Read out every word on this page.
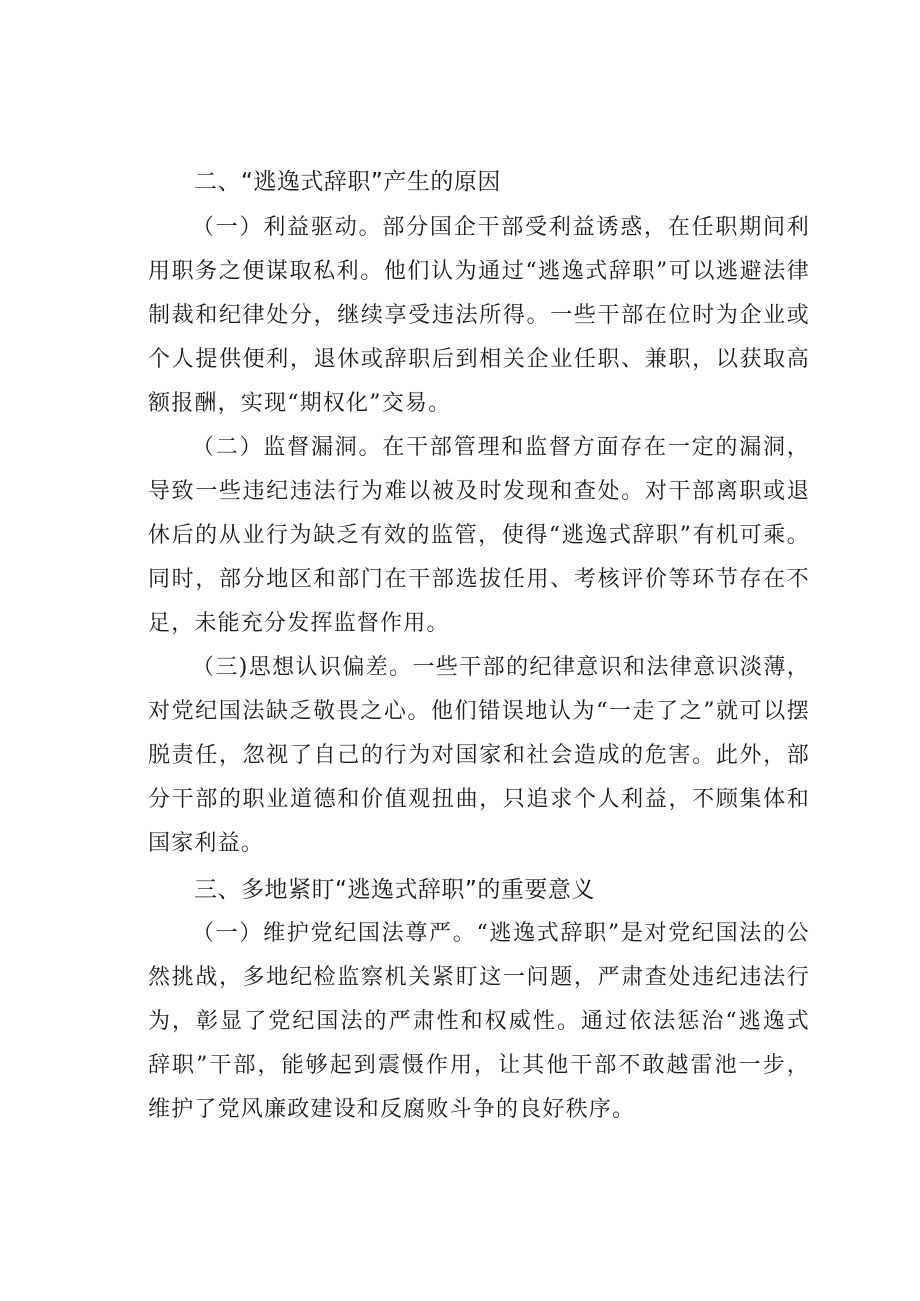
二、“逃逸式辞职”产生的原因

（一）利益驱动。部分国企干部受利益诱惑，在任职期间利用职务之便谋取私利。他们认为通过“逃逸式辞职”可以逃避法律制裁和纪律处分，继续享受违法所得。一些干部在位时为企业或个人提供便利，退休或辞职后到相关企业任职、兼职，以获取高额报酬，实现“期权化”交易。

（二）监督漏洞。在干部管理和监督方面存在一定的漏洞，导致一些违纪违法行为难以被及时发现和查处。对干部离职或退休后的从业行为缺乏有效的监管，使得“逃逸式辞职”有机可乘。同时，部分地区和部门在干部选拔任用、考核评价等环节存在不足，未能充分发挥监督作用。

（三)思想认识偏差。一些干部的纪律意识和法律意识淡薄，对党纪国法缺乏敬畏之心。他们错误地认为“一走了之”就可以摆脱责任，忽视了自己的行为对国家和社会造成的危害。此外，部分干部的职业道德和价值观扭曲，只追求个人利益，不顾集体和国家利益。

三、多地紧盯“逃逸式辞职”的重要意义

（一）维护党纪国法尊严。“逃逸式辞职”是对党纪国法的公然挑战，多地纪检监察机关紧盯这一问题，严肃查处违纪违法行为，彰显了党纪国法的严肃性和权威性。通过依法惩治“逃逸式辞职”干部，能够起到震慑作用，让其他干部不敢越雷池一步，维护了党风廉政建设和反腐败斗争的良好秩序。
